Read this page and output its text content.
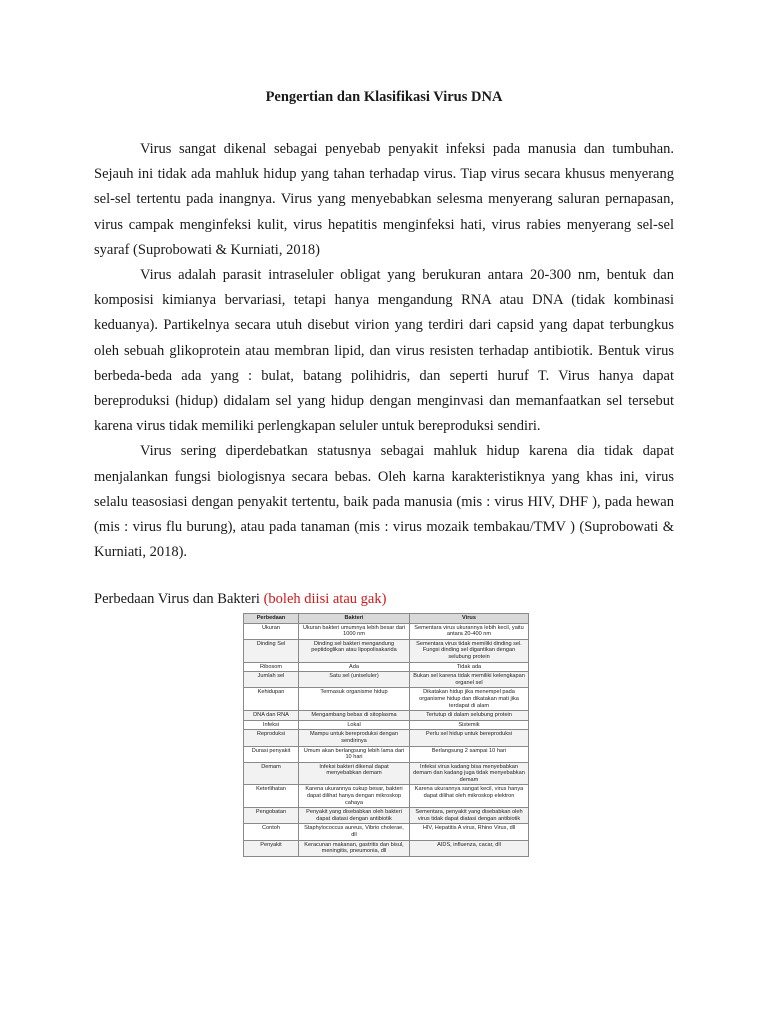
Pengertian dan Klasifikasi Virus DNA

Virus sangat dikenal sebagai penyebab penyakit infeksi pada manusia dan tumbuhan. Sejauh ini tidak ada mahluk hidup yang tahan terhadap virus. Tiap virus secara khusus menyerang sel-sel tertentu pada inangnya. Virus yang menyebabkan selesma menyerang saluran pernapasan, virus campak menginfeksi kulit, virus hepatitis menginfeksi hati, virus rabies menyerang sel-sel syaraf (Suprobowati & Kurniati, 2018)

Virus adalah parasit intraseluler obligat yang berukuran antara 20-300 nm, bentuk dan komposisi kimianya bervariasi, tetapi hanya mengandung RNA atau DNA (tidak kombinasi keduanya). Partikelnya secara utuh disebut virion yang terdiri dari capsid yang dapat terbungkus oleh sebuah glikoprotein atau membran lipid, dan virus resisten terhadap antibiotik. Bentuk virus berbeda-beda ada yang : bulat, batang polihidris, dan seperti huruf T. Virus hanya dapat bereproduksi (hidup) didalam sel yang hidup dengan menginvasi dan memanfaatkan sel tersebut karena virus tidak memiliki perlengkapan seluler untuk bereproduksi sendiri.

Virus sering diperdebatkan statusnya sebagai mahluk hidup karena dia tidak dapat menjalankan fungsi biologisnya secara bebas. Oleh karna karakteristiknya yang khas ini, virus selalu teasosiasi dengan penyakit tertentu, baik pada manusia (mis : virus HIV, DHF ), pada hewan (mis : virus flu burung), atau pada tanaman (mis : virus mozaik tembakau/TMV ) (Suprobowati & Kurniati, 2018).

Perbedaan Virus dan Bakteri (boleh diisi atau gak)
Perbedaan	Bakteri	Virus
Ukuran	Ukuran bakteri umumnya lebih besar dari 1000 nm	Sementara virus ukurannya lebih kecil, yaitu antara 20-400 nm
Dinding Sel	Dinding sel bakteri mengandung peptidoglikan atau lipopolisakarida	Sementara virus tidak memiliki dinding sel. Fungsi dinding sel digantikan dengan selubung protein
Ribosom	Ada	Tidak ada
Jumlah sel	Satu sel (uniseluler)	Bukan sel karena tidak memiliki kelengkapan organel sel
Kehidupan	Termasuk organisme hidup	Dikatakan hidup jika menempel pada organisme hidup dan dikatakan mati jika terdapat di alam
DNA dan RNA	Mengambang bebas di sitoplasma	Tertutup di dalam selubung protein
Infeksi	Lokal	Sistemik
Reproduksi	Mampu untuk bereproduksi dengan sendirinya	Perlu sel hidup untuk bereproduksi
Durasi penyakit	Umum akan berlangsung lebih lama dari 10 hari	Berlangsung 2 sampai 10 hari
Demam	Infeksi bakteri dikenal dapat menyebabkan demam	Infeksi virus kadang bisa menyebabkan demam dan kadang juga tidak menyebabkan demam
Keterlihatan	Karena ukurannya cukup besar, bakteri dapat dilihat hanya dengan mikroskop cahaya	Karena ukurannya sangat kecil, virus hanya dapat dilihat oleh mikroskop elektron
Pengobatan	Penyakit yang disebabkan oleh bakteri dapat diatasi dengan antibiotik	Sementara, penyakit yang disebabkan oleh virus tidak dapat diatasi dengan antibiotik
Contoh	Staphylococcus aureus, Vibrio cholerae, dll	HIV, Hepatitis A virus, Rhino Virus, dll
Penyakit	Keracunan makanan, gastritis dan bisul, meningitis, pneumonia, dll	AIDS, influenza, cacar, dll
